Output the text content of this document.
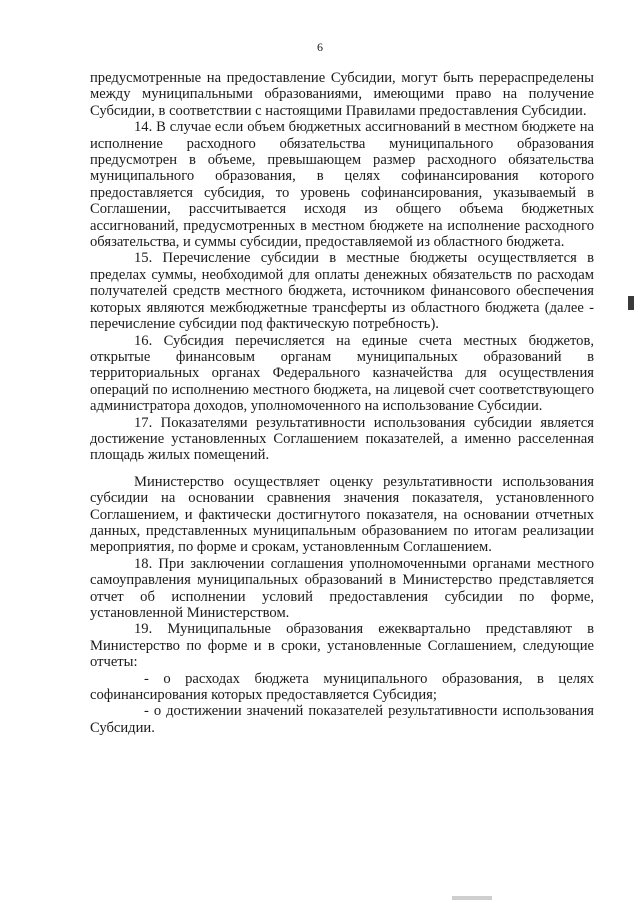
6

предусмотренные на предоставление Субсидии, могут быть перераспределены между муниципальными образованиями, имеющими право на получение Субсидии, в соответствии с настоящими Правилами предоставления Субсидии.

14. В случае если объем бюджетных ассигнований в местном бюджете на исполнение расходного обязательства муниципального образования предусмотрен в объеме, превышающем размер расходного обязательства муниципального образования, в целях софинансирования которого предоставляется субсидия, то уровень софинансирования, указываемый в Соглашении, рассчитывается исходя из общего объема бюджетных ассигнований, предусмотренных в местном бюджете на исполнение расходного обязательства, и суммы субсидии, предоставляемой из областного бюджета.

15. Перечисление субсидии в местные бюджеты осуществляется в пределах суммы, необходимой для оплаты денежных обязательств по расходам получателей средств местного бюджета, источником финансового обеспечения которых являются межбюджетные трансферты из областного бюджета (далее - перечисление субсидии под фактическую потребность).

16. Субсидия перечисляется на единые счета местных бюджетов, открытые финансовым органам муниципальных образований в территориальных органах Федерального казначейства для осуществления операций по исполнению местного бюджета, на лицевой счет соответствующего администратора доходов, уполномоченного на использование Субсидии.

17. Показателями результативности использования субсидии является достижение установленных Соглашением показателей, а именно расселенная площадь жилых помещений.

Министерство осуществляет оценку результативности использования субсидии на основании сравнения значения показателя, установленного Соглашением, и фактически достигнутого показателя, на основании отчетных данных, представленных муниципальным образованием по итогам реализации мероприятия, по форме и срокам, установленным Соглашением.

18. При заключении соглашения уполномоченными органами местного самоуправления муниципальных образований в Министерство представляется отчет об исполнении условий предоставления субсидии по форме, установленной Министерством.

19. Муниципальные образования ежеквартально представляют в Министерство по форме и в сроки, установленные Соглашением, следующие отчеты:

- о расходах бюджета муниципального образования, в целях софинансирования которых предоставляется Субсидия;

- о достижении значений показателей результативности использования Субсидии.
